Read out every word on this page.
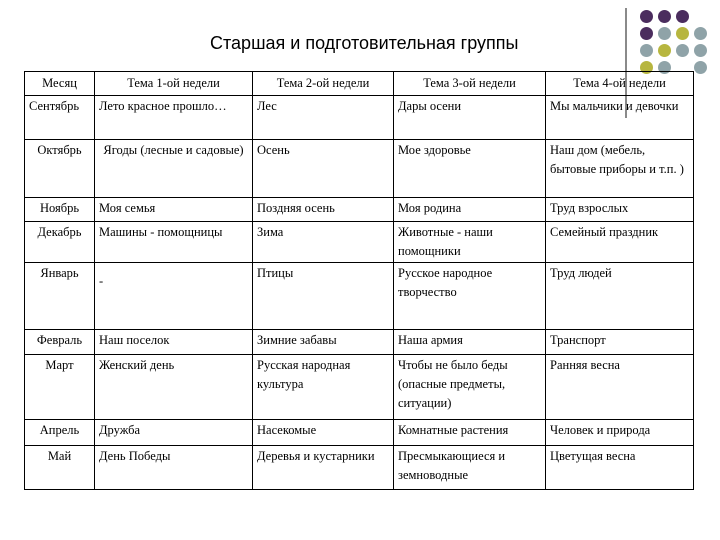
Старшая и подготовительная группы
Месяц	Тема 1-ой недели	Тема 2-ой недели	Тема 3-ой недели	Тема 4-ой недели
Сентябрь	Лето красное прошло…	Лес	Дары осени	Мы мальчики и девочки
Октябрь	Ягоды (лесные и садовые)	Осень	Мое здоровье	Наш дом (мебель, бытовые приборы и т.п. )
Ноябрь	Моя семья	Поздняя осень	Моя родина	Труд взрослых
Декабрь	Машины - помощницы	Зима	Животные - наши помощники	Семейный праздник
Январь	-	Птицы	Русское народное творчество	Труд людей
Февраль	Наш поселок	Зимние забавы	Наша армия	Транспорт
Март	Женский день	Русская народная культура	Чтобы не было беды (опасные предметы, ситуации)	Ранняя весна
Апрель	Дружба	Насекомые	Комнатные растения	Человек и природа
Май	День Победы	Деревья и кустарники	Пресмыкающиеся и земноводные	Цветущая весна
